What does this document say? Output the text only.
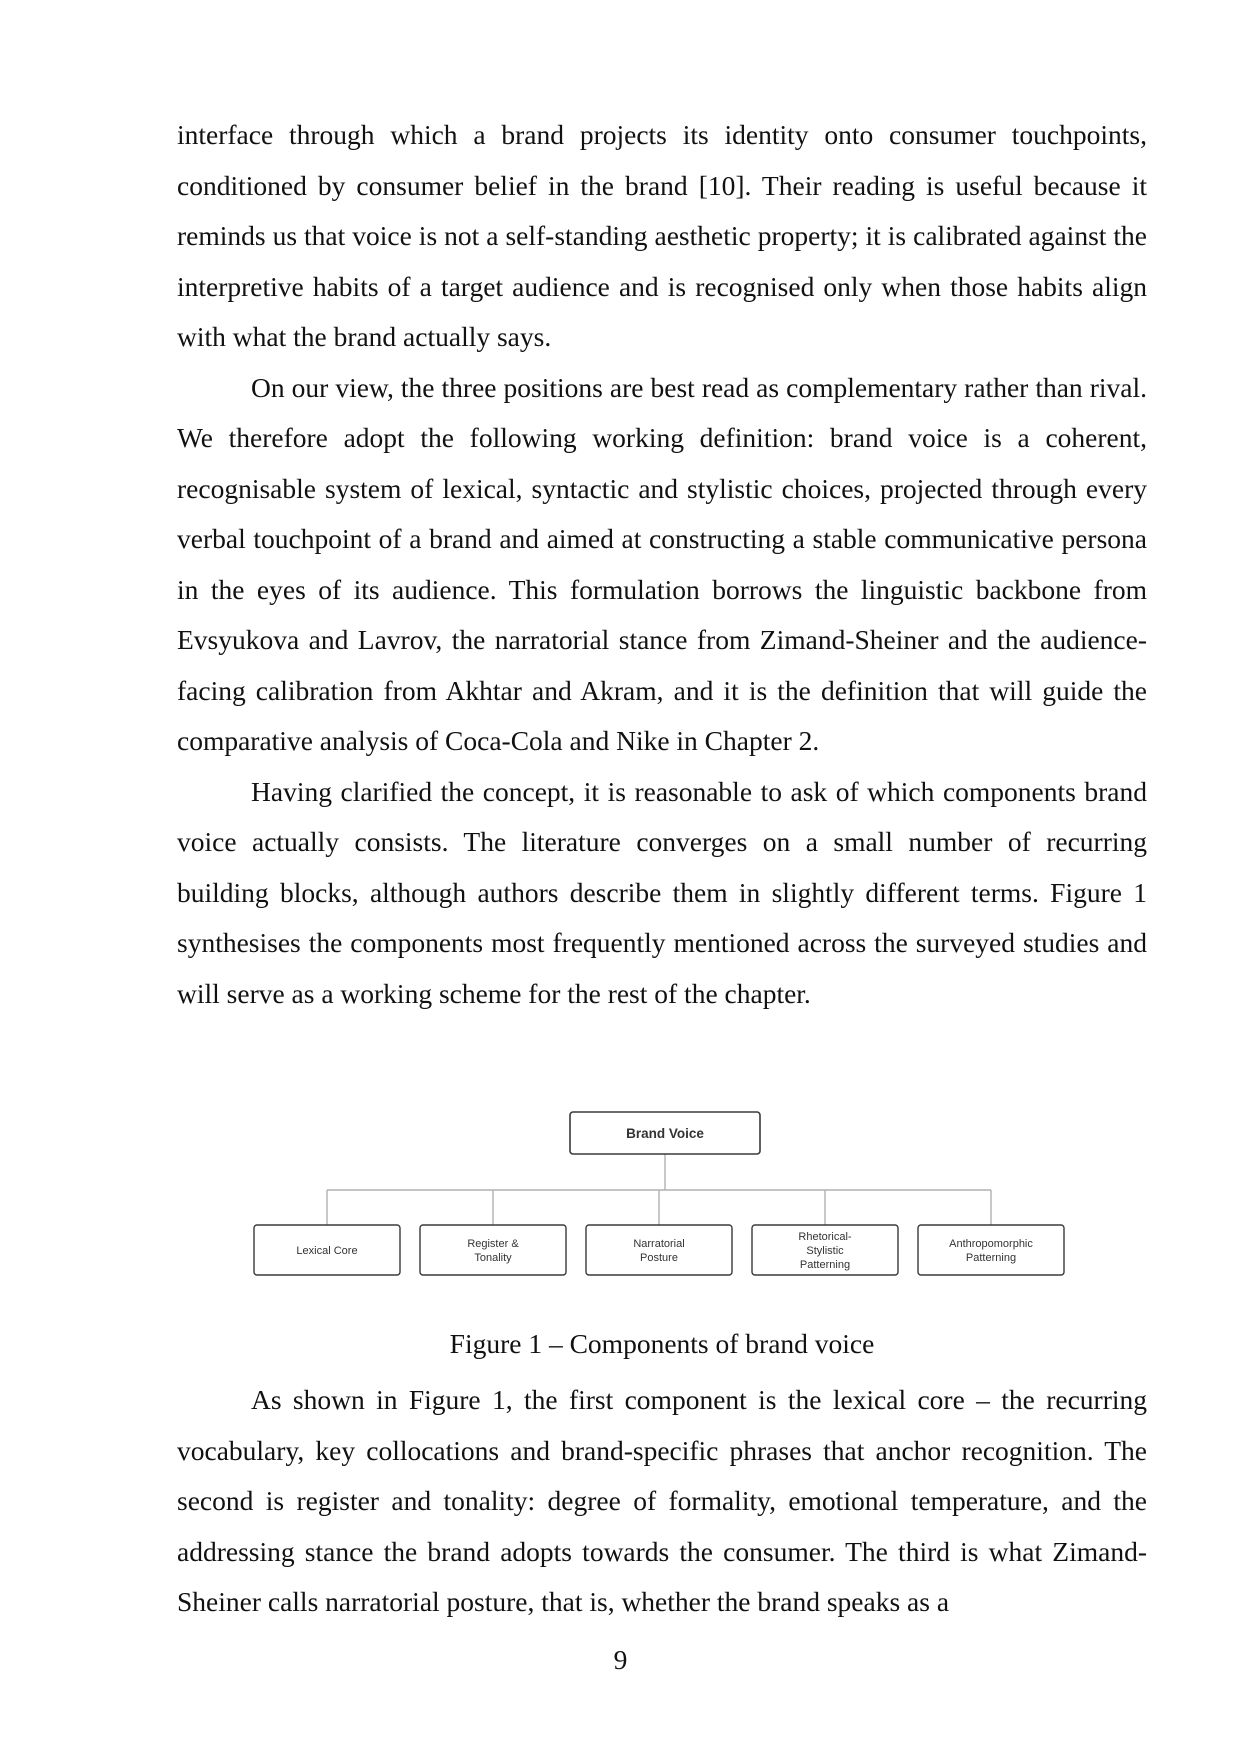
interface through which a brand projects its identity onto consumer touchpoints, conditioned by consumer belief in the brand [10]. Their reading is useful because it reminds us that voice is not a self-standing aesthetic property; it is calibrated against the interpretive habits of a target audience and is recognised only when those habits align with what the brand actually says.

On our view, the three positions are best read as complementary rather than rival. We therefore adopt the following working definition: brand voice is a coherent, recognisable system of lexical, syntactic and stylistic choices, projected through every verbal touchpoint of a brand and aimed at constructing a stable communicative persona in the eyes of its audience. This formulation borrows the linguistic backbone from Evsyukova and Lavrov, the narratorial stance from Zimand-Sheiner and the audience-facing calibration from Akhtar and Akram, and it is the definition that will guide the comparative analysis of Coca-Cola and Nike in Chapter 2.

Having clarified the concept, it is reasonable to ask of which components brand voice actually consists. The literature converges on a small number of recurring building blocks, although authors describe them in slightly different terms. Figure 1 synthesises the components most frequently mentioned across the surveyed studies and will serve as a working scheme for the rest of the chapter.

Brand Voice
Lexical Core
Register &
Tonality
Narratorial
Posture
Rhetorical-
Stylistic
Patterning
Anthropomorphic
Patterning

Figure 1 – Components of brand voice

As shown in Figure 1, the first component is the lexical core – the recurring vocabulary, key collocations and brand-specific phrases that anchor recognition. The second is register and tonality: degree of formality, emotional temperature, and the addressing stance the brand adopts towards the consumer. The third is what Zimand-Sheiner calls narratorial posture, that is, whether the brand speaks as a

9
